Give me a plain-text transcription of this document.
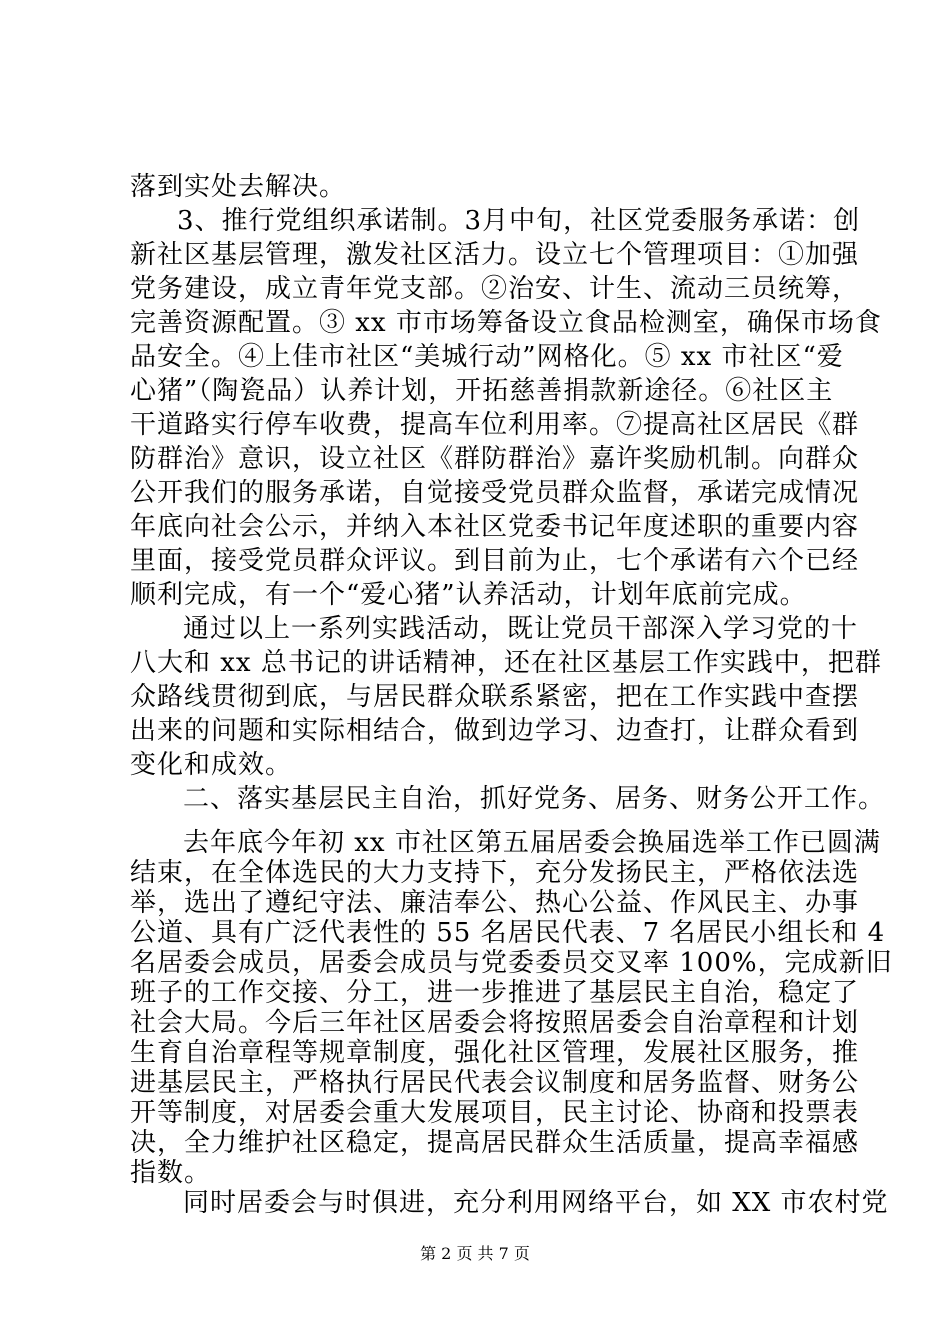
落到实处去解决。
3、推行党组织承诺制。3月中旬，社区党委服务承诺：创
新社区基层管理，激发社区活力。设立七个管理项目：①加强
党务建设，成立青年党支部。②治安、计生、流动三员统筹，
完善资源配置。③ xx 市市场筹备设立食品检测室，确保市场食
品安全。④上佳市社区“美城行动”网格化。⑤ xx 市社区“爱
心猪”（陶瓷品）认养计划，开拓慈善捐款新途径。⑥社区主
干道路实行停车收费，提高车位利用率。⑦提高社区居民《群
防群治》意识，设立社区《群防群治》嘉许奖励机制。向群众
公开我们的服务承诺，自觉接受党员群众监督，承诺完成情况
年底向社会公示，并纳入本社区党委书记年度述职的重要内容
里面，接受党员群众评议。到目前为止，七个承诺有六个已经
顺利完成，有一个“爱心猪”认养活动，计划年底前完成。
通过以上一系列实践活动，既让党员干部深入学习党的十
八大和 xx 总书记的讲话精神，还在社区基层工作实践中，把群
众路线贯彻到底，与居民群众联系紧密，把在工作实践中查摆
出来的问题和实际相结合，做到边学习、边查打，让群众看到
变化和成效。
二、落实基层民主自治，抓好党务、居务、财务公开工作。
去年底今年初 xx 市社区第五届居委会换届选举工作已圆满
结束，在全体选民的大力支持下，充分发扬民主，严格依法选
举，选出了遵纪守法、廉洁奉公、热心公益、作风民主、办事
公道、具有广泛代表性的 55 名居民代表、7 名居民小组长和 4
名居委会成员，居委会成员与党委委员交叉率 100%，完成新旧
班子的工作交接、分工，进一步推进了基层民主自治，稳定了
社会大局。今后三年社区居委会将按照居委会自治章程和计划
生育自治章程等规章制度，强化社区管理，发展社区服务，推
进基层民主，严格执行居民代表会议制度和居务监督、财务公
开等制度，对居委会重大发展项目，民主讨论、协商和投票表
决，全力维护社区稳定，提高居民群众生活质量，提高幸福感
第 2 页 共 7 页
指数。
同时居委会与时俱进，充分利用网络平台，如 XX 市农村党
